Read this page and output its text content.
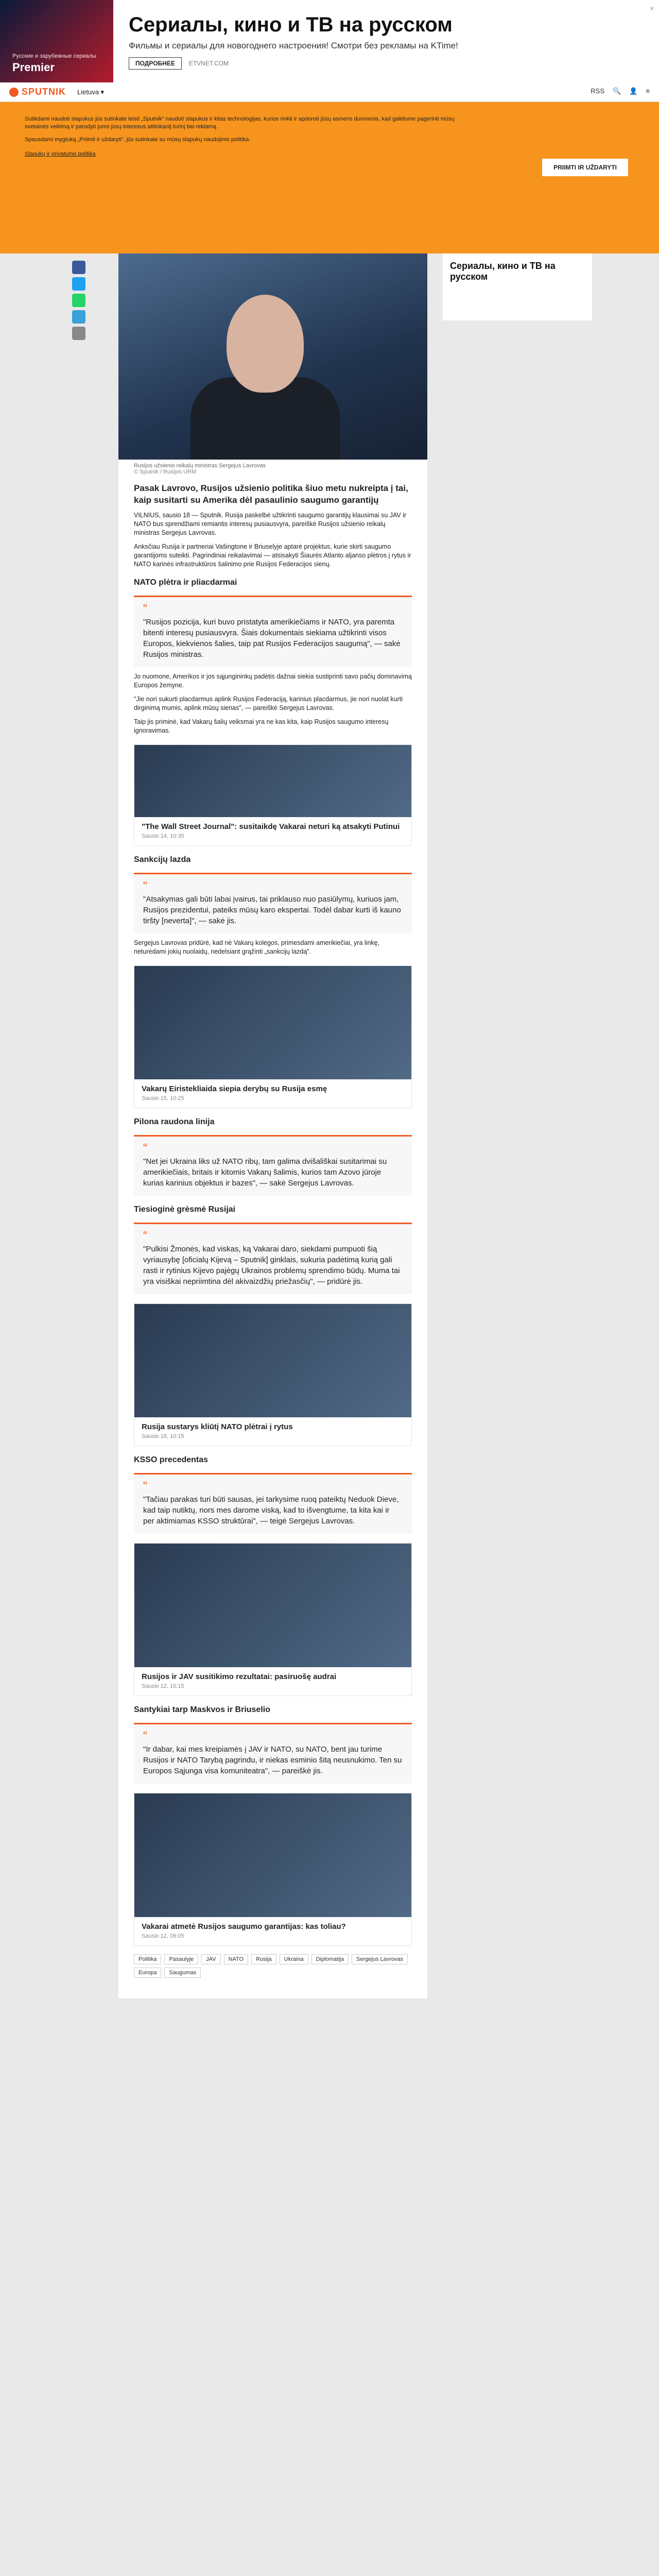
Русские и зарубежные сериалы
Premier
Сериалы, кино и ТВ на русском
Фильмы и сериалы для новогоднего настроения! Смотри без рекламы на KTime!
ПОДРОБНЕЕ	ETVNET.COM
×
SPUTNIK Lietuva ▾	RSS 🔍 👤 ≡

Sutikdami naudoti slapukus jūs sutinkate leisti „Sputnik“ naudoti slapukus ir kitas technologijas, kurios rinkti ir apdoroti jūsų asmens duomenis, kad galėtume pagerinti mūsų svetainės veikimą ir parodyti jums jūsų interesus atitinkantį turinį bei reklamą.

Spausdami mygtuką „Priimti ir uždaryti“, jūs sutinkate su mūsų slapukų naudojimo politika.

Slapukų ir privatumo politika
PRIIMTI IR UŽDARYTI
Rusijos užsienio reikalų ministras Sergejus Lavrovas
© Sputnik / Rusijos URM
Pasak Lavrovo, Rusijos užsienio politika šiuo metu nukreipta į tai, kaip susitarti su Amerika dėl pasaulinio saugumo garantijų

VILNIUS, sausio 18 — Sputnik. Rusija paskelbė užtikrinti saugumo garantijų klausimai su JAV ir NATO bus sprendžiami remiantis interesų pusiausvyra, pareiškė Rusijos užsienio reikalų ministras Sergejus Lavrovas.

Anksčiau Rusija ir partneriai Vašingtone ir Briuselyje aptarė projektus, kurie skirti saugumo garantijoms suteikti. Pagrindiniai reikalavimai — atsisakyti Šiaurės Atlanto aljanso plėtros į rytus ir NATO karinės infrastruktūros šalinimo prie Rusijos Federacijos sienų.

NATO plėtra ir pliacdarmai
“
"Rusijos pozicija, kuri buvo pristatyta amerikiečiams ir NATO, yra paremta bitenti interesų pusiausvyra. Šiais dokumentais siekiama užtikrinti visos Europos, kiekvienos šalies, taip pat Rusijos Federacijos saugumą", — sakė Rusijos ministras.

Jo nuomone, Amerikos ir jos sąjungininkų padėtis dažnai siekia sustiprinti savo pačių dominavimą Europos žemyne.

"Jie nori sukurti placdarmus aplink Rusijos Federaciją, karinius placdarmus, jie nori nuolat kurti dirginimą mumis, aplink mūsų sienas", — pareiškė Sergejus Lavrovas.

Taip jis priminė, kad Vakarų šalių veiksmai yra ne kas kita, kaip Rusijos saugumo interesų ignoravimas.

"The Wall Street Journal": susitaikdę Vakarai neturi ką atsakyti Putinui
Sausio 14, 10:35
Sankcijų lazda
“
"Atsakymas gali būti labai įvairus, tai priklauso nuo pasiūlymų, kuriuos jam, Rusijos prezidentui, pateiks mūsų karo ekspertai. Todėl dabar kurti iš kauno tiršty [neverta]", — sakė jis.

Sergejus Lavrovas pridūrė, kad nė Vakarų kolegos, primesdami amerikiečiai, yra linkę, neturėdami jokių nuolaidų, nedelsiant grąžinti „sankcijų lazdą".

Vakarų Eiristekliaida siepia derybų su Rusija esmę
Sausio 15, 10:25
Pilona raudona linija
“
"Net jei Ukraina liks už NATO ribų, tam galima dvišališkai susitarimai su amerikiečiais, britais ir kitomis Vakarų šalimis, kurios tam Azovo jūroje kurias karinius objektus ir bazes", — sakė Sergejus Lavrovas.
Tiesioginė grėsmė Rusijai
“
"Pulkisi Žmonės, kad viskas, ką Vakarai daro, siekdami pumpuoti šią vyriausybę [oficialų Kijevą – Sputnik] ginklais, sukuria padėtimą kurią gali rasti ir rytinius Kijevo pajėgų Ukrainos problemų sprendimo būdų. Muma tai yra visiškai nepriimtina dėl akivaizdžių priežasčių", — pridūrė jis.
Rusija sustarys kliūtį NATO plėtrai į rytus
Sausio 18, 10:15
KSSO precedentas
“
"Tačiau parakas turi būti sausas, jei tarkysime ruoq pateiktų Neduok Dieve, kad taip nutiktų, nors mes darome viską, kad to išvengtume, ta kita kai ir per aktimiamas KSSO struktūrai", — teigė Sergejus Lavrovas.
Rusijos ir JAV susitikimo rezultatai: pasiruošę audrai
Sausio 12, 15:15
Santykiai tarp Maskvos ir Briuselio
“
"Ir dabar, kai mes kreipiamės į JAV ir NATO, su NATO, bent jau turime Rusijos ir NATO Tarybą pagrindu, ir niekas esminio šitą neusnukimo. Ten su Europos Sąjunga visa komuniteatra", — pareiškė jis.
Vakarai atmetė Rusijos saugumo garantijas: kas toliau?
Sausio 12, 08:05
Politika	Pasaulyje	JAV	NATO	Rusija	Ukraina	Diplomatija	Sergejus Lavrovas
Europa	Saugumas
Сериалы, кино и ТВ на русском
